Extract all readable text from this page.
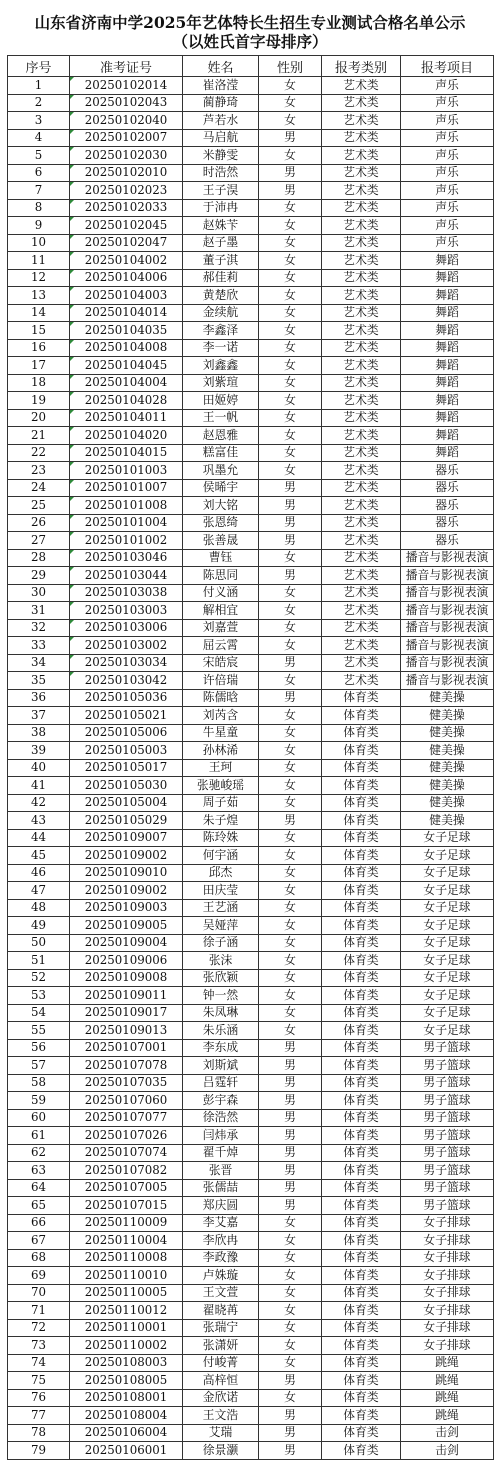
山东省济南中学2025年艺体特长生招生专业测试合格名单公示
（以姓氏首字母排序）
序号	准考证号	姓名	性别	报考类别	报考项目
1	20250102014	崔洛滢	女	艺术类	声乐
2	20250102043	蔺静琦	女	艺术类	声乐
3	20250102040	芦若水	女	艺术类	声乐
4	20250102007	马启航	男	艺术类	声乐
5	20250102030	米静雯	女	艺术类	声乐
6	20250102010	时浩然	男	艺术类	声乐
7	20250102023	王子淏	男	艺术类	声乐
8	20250102033	于沛冉	女	艺术类	声乐
9	20250102045	赵姝苄	女	艺术类	声乐
10	20250102047	赵子墨	女	艺术类	声乐
11	20250104002	董子淇	女	艺术类	舞蹈
12	20250104006	郝佳莉	女	艺术类	舞蹈
13	20250104003	黄楚欣	女	艺术类	舞蹈
14	20250104014	金续航	女	艺术类	舞蹈
15	20250104035	李鑫泽	女	艺术类	舞蹈
16	20250104008	李一诺	女	艺术类	舞蹈
17	20250104045	刘鑫鑫	女	艺术类	舞蹈
18	20250104004	刘紫瑄	女	艺术类	舞蹈
19	20250104028	田姬婷	女	艺术类	舞蹈
20	20250104011	王一帆	女	艺术类	舞蹈
21	20250104020	赵恩雅	女	艺术类	舞蹈
22	20250104015	糕富佳	女	艺术类	舞蹈
23	20250101003	巩墨允	女	艺术类	器乐
24	20250101007	侯晞宇	男	艺术类	器乐
25	20250101008	刘大铭	男	艺术类	器乐
26	20250101004	张恩绮	男	艺术类	器乐
27	20250101002	张善晟	男	艺术类	器乐
28	20250103046	曹钰	女	艺术类	播音与影视表演
29	20250103044	陈思同	男	艺术类	播音与影视表演
30	20250103038	付义涵	女	艺术类	播音与影视表演
31	20250103003	解相宜	女	艺术类	播音与影视表演
32	20250103006	刘嘉萱	女	艺术类	播音与影视表演
33	20250103002	屈云霄	女	艺术类	播音与影视表演
34	20250103034	宋皓宸	男	艺术类	播音与影视表演
35	20250103042	许倍瑞	女	艺术类	播音与影视表演
36	20250105036	陈儒晗	男	体育类	健美操
37	20250105021	刘芮含	女	体育类	健美操
38	20250105006	牛星童	女	体育类	健美操
39	20250105003	孙林浠	女	体育类	健美操
40	20250105017	王珂	女	体育类	健美操
41	20250105030	张驰峻瑶	女	体育类	健美操
42	20250105004	周子茹	女	体育类	健美操
43	20250105029	朱子煌	男	体育类	健美操
44	20250109007	陈玲姝	女	体育类	女子足球
45	20250109002	何宇涵	女	体育类	女子足球
46	20250109010	邱杰	女	体育类	女子足球
47	20250109002	田庆莹	女	体育类	女子足球
48	20250109003	王艺涵	女	体育类	女子足球
49	20250109005	吴娅萍	女	体育类	女子足球
50	20250109004	徐子涵	女	体育类	女子足球
51	20250109006	张沫	女	体育类	女子足球
52	20250109008	张欣颖	女	体育类	女子足球
53	20250109011	钟一然	女	体育类	女子足球
54	20250109017	朱凤琳	女	体育类	女子足球
55	20250109013	朱乐涵	女	体育类	女子足球
56	20250107001	李东成	男	体育类	男子篮球
57	20250107078	刘斯斌	男	体育类	男子篮球
58	20250107035	吕霆轩	男	体育类	男子篮球
59	20250107060	彭宇森	男	体育类	男子篮球
60	20250107077	徐浩然	男	体育类	男子篮球
61	20250107026	闫炜承	男	体育类	男子篮球
62	20250107074	翟千焯	男	体育类	男子篮球
63	20250107082	张晋	男	体育类	男子篮球
64	20250107005	张儒喆	男	体育类	男子篮球
65	20250107015	郑庆圆	男	体育类	男子篮球
66	20250110009	李艾嘉	女	体育类	女子排球
67	20250110004	李欣冉	女	体育类	女子排球
68	20250110008	李政豫	女	体育类	女子排球
69	20250110010	卢姝璇	女	体育类	女子排球
70	20250110005	王文萱	女	体育类	女子排球
71	20250110012	翟晓苒	女	体育类	女子排球
72	20250110001	张瑞宁	女	体育类	女子排球
73	20250110002	张潇妍	女	体育类	女子排球
74	20250108003	付峻菁	女	体育类	跳绳
75	20250108005	高梓恒	男	体育类	跳绳
76	20250108001	金欣诺	女	体育类	跳绳
77	20250108004	王文浩	男	体育类	跳绳
78	20250106004	艾瑞	男	体育类	击剑
79	20250106001	徐景灏	男	体育类	击剑
